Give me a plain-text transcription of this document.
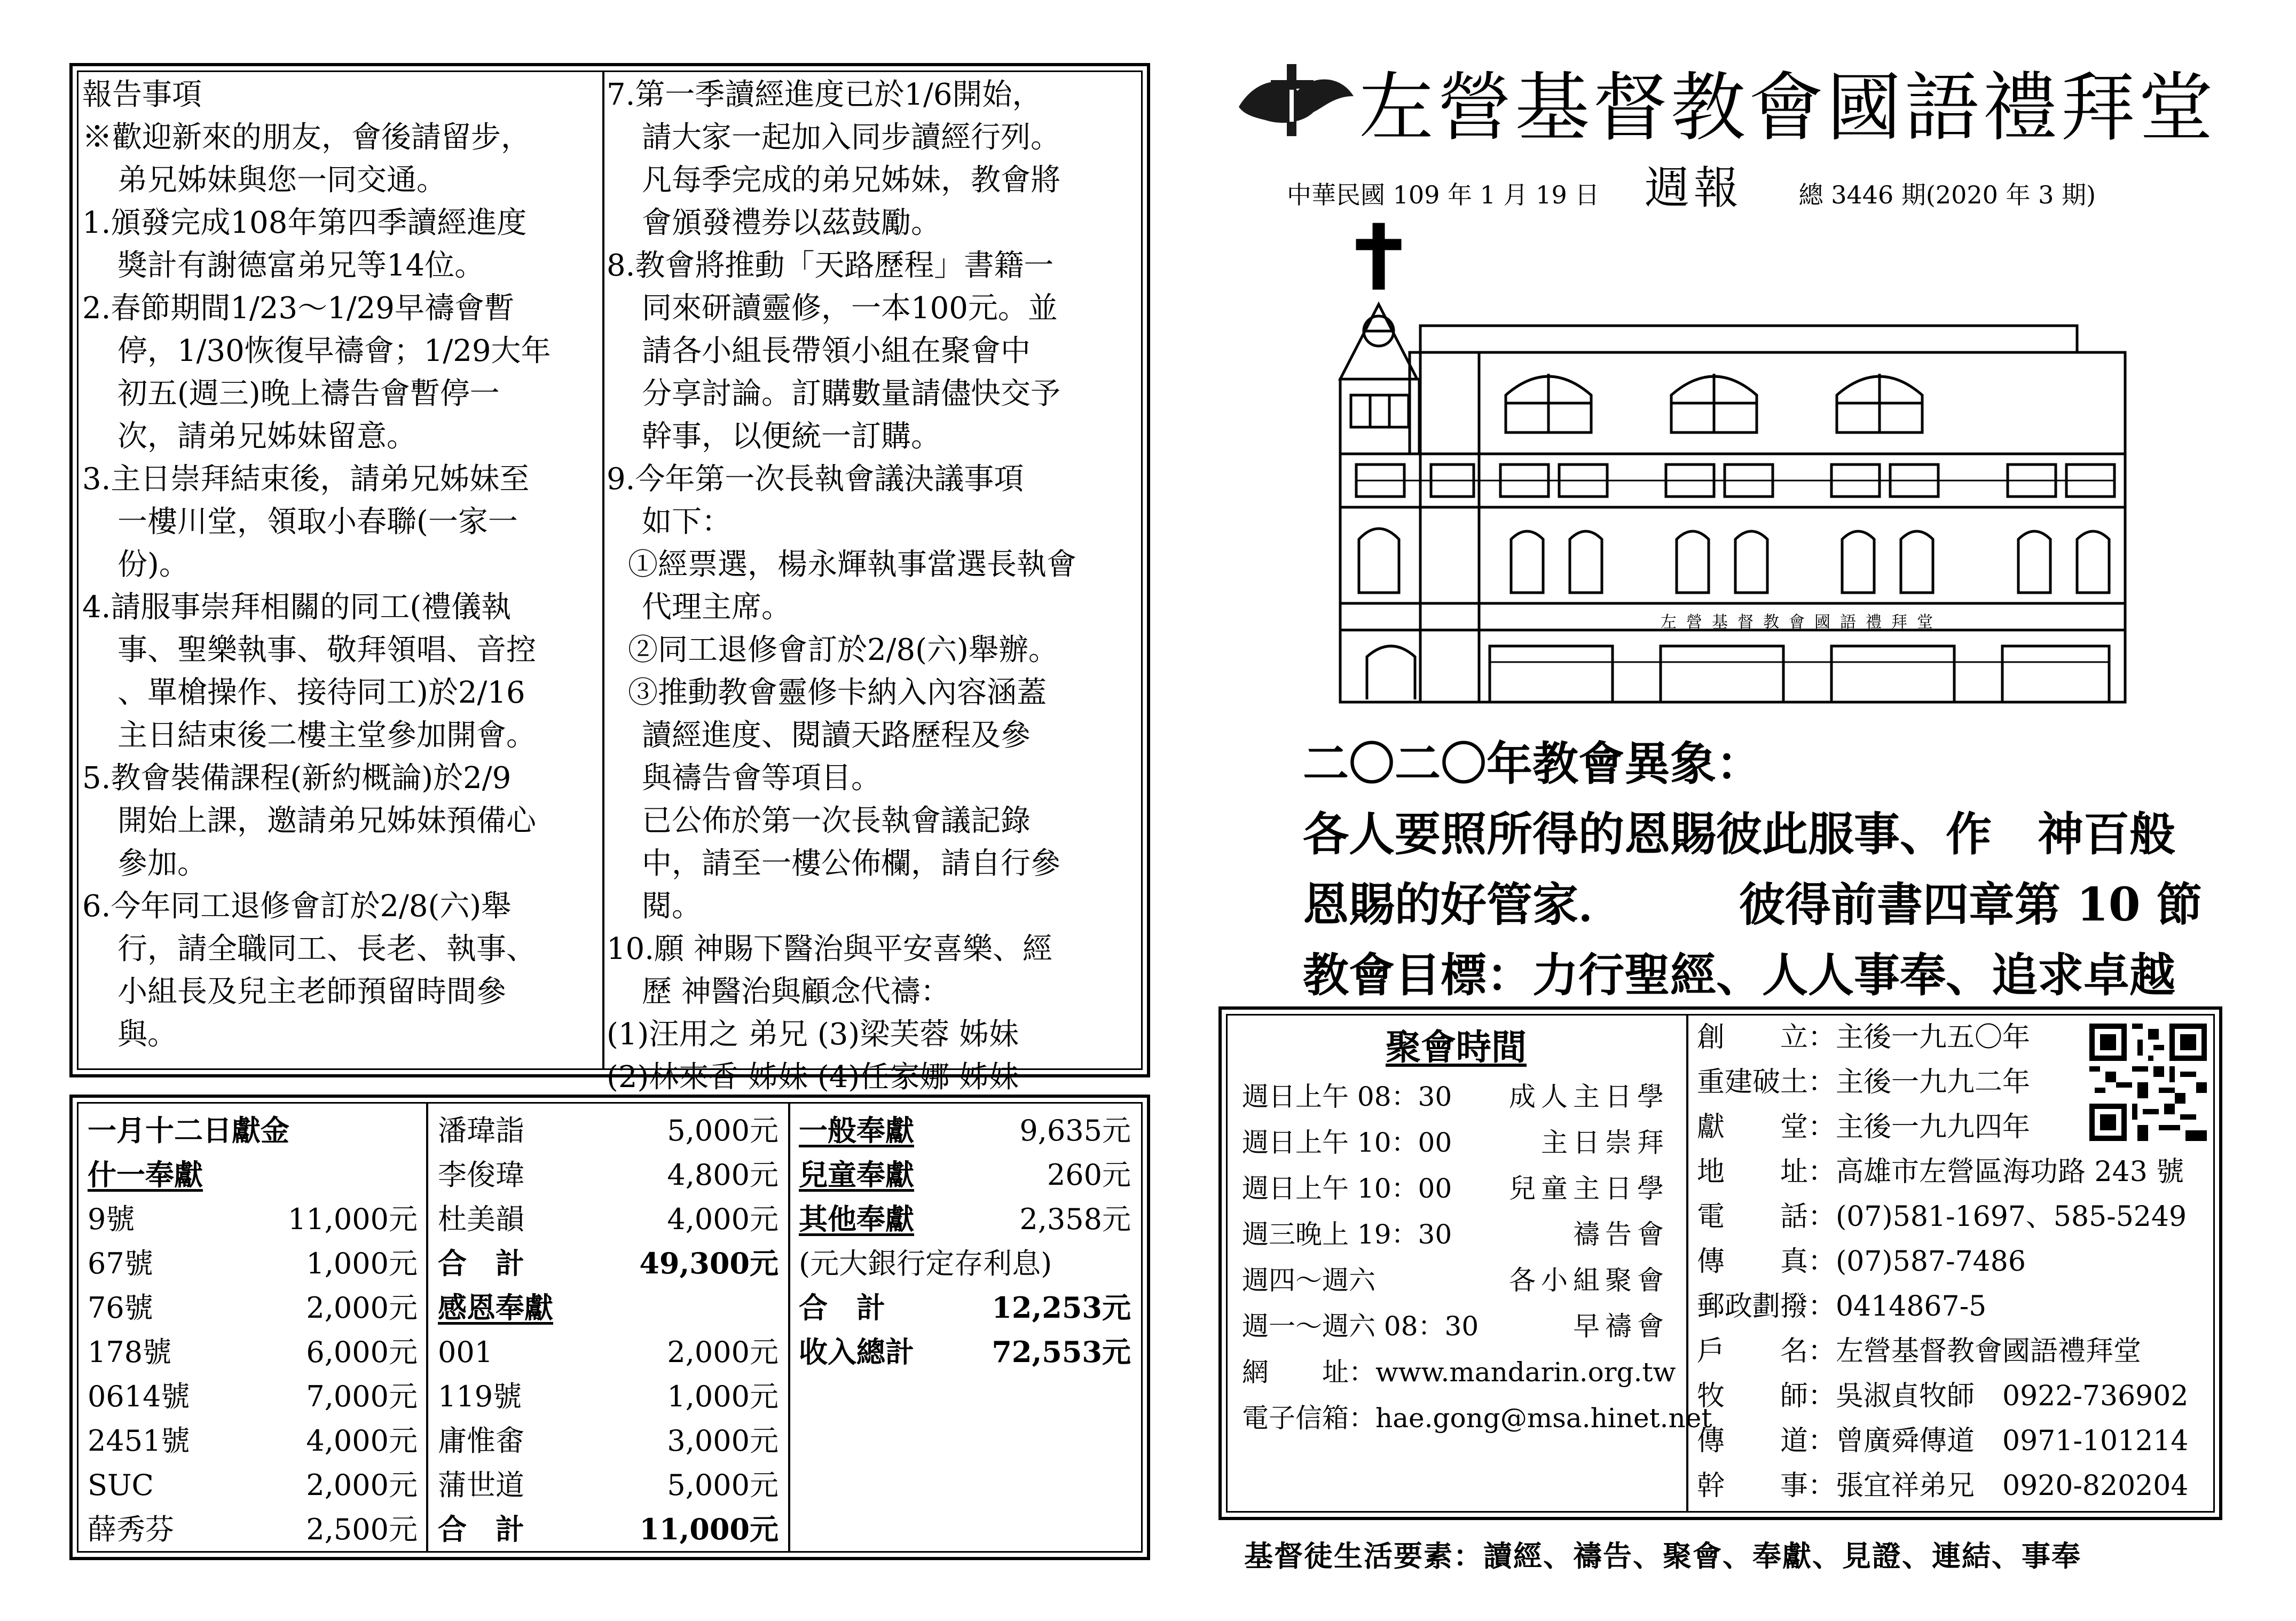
報告事項
※歡迎新來的朋友，會後請留步，
弟兄姊妹與您一同交通。
1.頒發完成108年第四季讀經進度
獎計有謝德富弟兄等14位。
2.春節期間1/23～1/29早禱會暫
停，1/30恢復早禱會；1/29大年
初五(週三)晚上禱告會暫停一
次，請弟兄姊妹留意。
3.主日崇拜結束後，請弟兄姊妹至
一樓川堂，領取小春聯(一家一
份)。
4.請服事崇拜相關的同工(禮儀執
事、聖樂執事、敬拜領唱、音控
、單槍操作、接待同工)於2/16
主日結束後二樓主堂參加開會。
5.教會裝備課程(新約概論)於2/9
開始上課，邀請弟兄姊妹預備心
參加。
6.今年同工退修會訂於2/8(六)舉
行，請全職同工、長老、執事、
小組長及兒主老師預留時間參
與。
7.第一季讀經進度已於1/6開始，
請大家一起加入同步讀經行列。
凡每季完成的弟兄姊妹，教會將
會頒發禮券以茲鼓勵。
8.教會將推動「天路歷程」書籍一
同來研讀靈修，一本100元。並
請各小組長帶領小組在聚會中
分享討論。訂購數量請儘快交予
幹事，以便統一訂購。
9.今年第一次長執會議決議事項
如下：
①經票選，楊永輝執事當選長執會
代理主席。
②同工退修會訂於2/8(六)舉辦。
③推動教會靈修卡納入內容涵蓋
讀經進度、閱讀天路歷程及參
與禱告會等項目。
已公佈於第一次長執會議記錄
中，請至一樓公佈欄，請自行參
閱。
10.願 神賜下醫治與平安喜樂、經
歷 神醫治與顧念代禱：
(1)汪用之 弟兄 (3)梁芙蓉 姊妹
(2)林來香 姊妹 (4)任家娜 姊妹
一月十二日獻金
什一奉獻
9號	11,000元
67號	1,000元
76號	2,000元
178號	6,000元
0614號	7,000元
2451號	4,000元
SUC	2,000元
薛秀芬	2,500元
潘瑋詣	5,000元
李俊瑋	4,800元
杜美韻	4,000元
合　計	49,300元
感恩奉獻
001	2,000元
119號	1,000元
庸惟畬	3,000元
蒲世道	5,000元
合　計	11,000元
一般奉獻	9,635元
兒童奉獻	260元
其他奉獻	2,358元
(元大銀行定存利息)
合　計	12,253元
收入總計	72,553元
左營基督教會國語禮拜堂
中華民國 109 年 1 月 19 日 週報 總 3446 期(2020 年 3 期)
左營基督教會國語禮拜堂
二〇二〇年教會異象：
各人要照所得的恩賜彼此服事、作　神百般
恩賜的好管家．　　　彼得前書四章第 10 節
教會目標：力行聖經、人人事奉、追求卓越
聚會時間
週日上午 08：30 成人主日學
週日上午 10：00	主日崇拜
週日上午 10：00 兒童主日學
週三晚上 19：30	禱告會
週四～週六	各小組聚會
週一～週六 08：30	早禱會
網　　址：www.mandarin.org.tw
電子信箱：hae.gong@msa.hinet.net
創　　立：主後一九五〇年
重建破土：主後一九九二年
獻　　堂：主後一九九四年
地　　址：高雄市左營區海功路 243 號
電　　話：(07)581-1697、585-5249
傳　　真：(07)587-7486
郵政劃撥：0414867-5
戶　　名：左營基督教會國語禮拜堂
牧　　師：吳淑貞牧師　0922-736902
傳　　道：曾廣舜傳道　0971-101214
幹　　事：張宜祥弟兄　0920-820204
基督徒生活要素：讀經、禱告、聚會、奉獻、見證、連結、事奉
